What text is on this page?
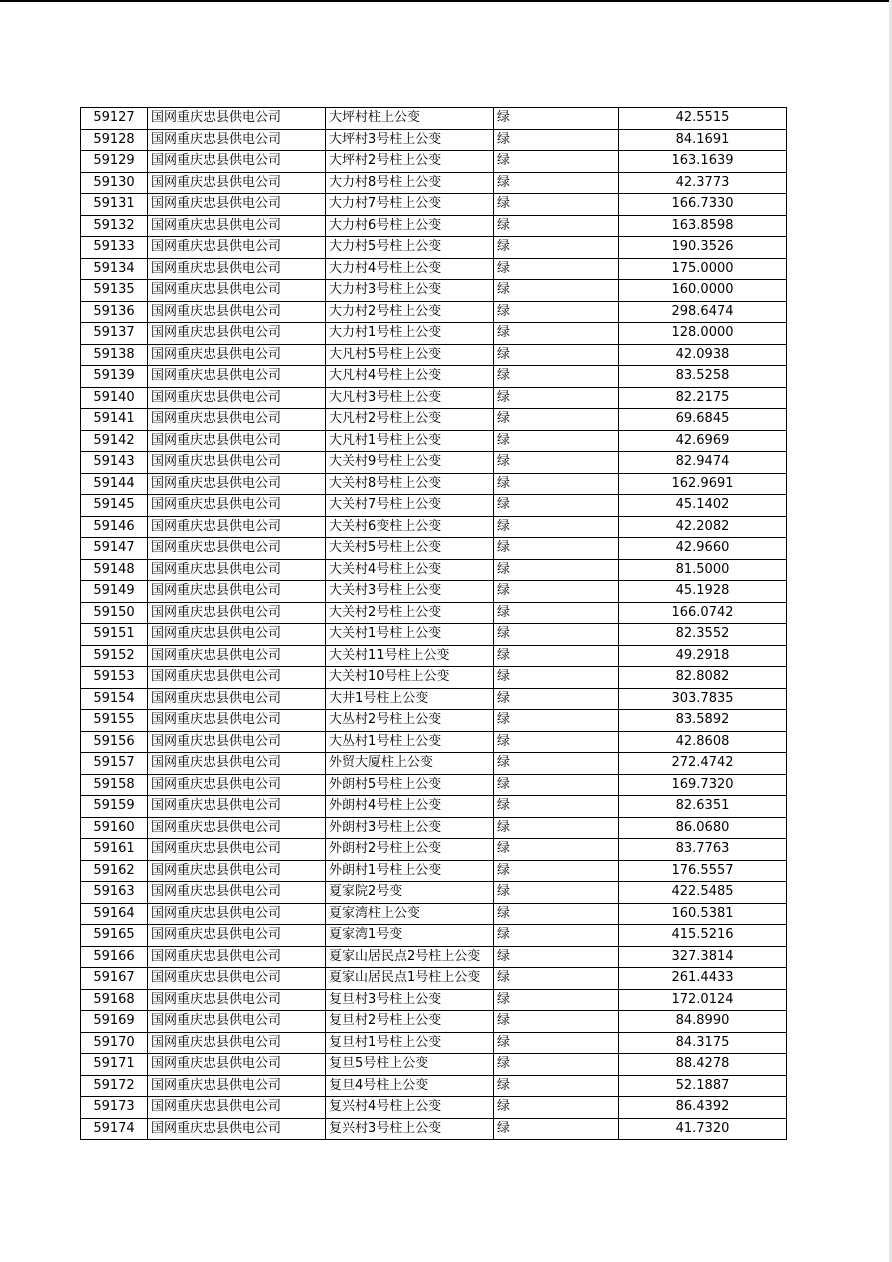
59127	国网重庆忠县供电公司	大坪村柱上公变	绿	42.5515
59128	国网重庆忠县供电公司	大坪村3号柱上公变	绿	84.1691
59129	国网重庆忠县供电公司	大坪村2号柱上公变	绿	163.1639
59130	国网重庆忠县供电公司	大力村8号柱上公变	绿	42.3773
59131	国网重庆忠县供电公司	大力村7号柱上公变	绿	166.7330
59132	国网重庆忠县供电公司	大力村6号柱上公变	绿	163.8598
59133	国网重庆忠县供电公司	大力村5号柱上公变	绿	190.3526
59134	国网重庆忠县供电公司	大力村4号柱上公变	绿	175.0000
59135	国网重庆忠县供电公司	大力村3号柱上公变	绿	160.0000
59136	国网重庆忠县供电公司	大力村2号柱上公变	绿	298.6474
59137	国网重庆忠县供电公司	大力村1号柱上公变	绿	128.0000
59138	国网重庆忠县供电公司	大凡村5号柱上公变	绿	42.0938
59139	国网重庆忠县供电公司	大凡村4号柱上公变	绿	83.5258
59140	国网重庆忠县供电公司	大凡村3号柱上公变	绿	82.2175
59141	国网重庆忠县供电公司	大凡村2号柱上公变	绿	69.6845
59142	国网重庆忠县供电公司	大凡村1号柱上公变	绿	42.6969
59143	国网重庆忠县供电公司	大关村9号柱上公变	绿	82.9474
59144	国网重庆忠县供电公司	大关村8号柱上公变	绿	162.9691
59145	国网重庆忠县供电公司	大关村7号柱上公变	绿	45.1402
59146	国网重庆忠县供电公司	大关村6变柱上公变	绿	42.2082
59147	国网重庆忠县供电公司	大关村5号柱上公变	绿	42.9660
59148	国网重庆忠县供电公司	大关村4号柱上公变	绿	81.5000
59149	国网重庆忠县供电公司	大关村3号柱上公变	绿	45.1928
59150	国网重庆忠县供电公司	大关村2号柱上公变	绿	166.0742
59151	国网重庆忠县供电公司	大关村1号柱上公变	绿	82.3552
59152	国网重庆忠县供电公司	大关村11号柱上公变	绿	49.2918
59153	国网重庆忠县供电公司	大关村10号柱上公变	绿	82.8082
59154	国网重庆忠县供电公司	大井1号柱上公变	绿	303.7835
59155	国网重庆忠县供电公司	大丛村2号柱上公变	绿	83.5892
59156	国网重庆忠县供电公司	大丛村1号柱上公变	绿	42.8608
59157	国网重庆忠县供电公司	外贸大厦柱上公变	绿	272.4742
59158	国网重庆忠县供电公司	外朗村5号柱上公变	绿	169.7320
59159	国网重庆忠县供电公司	外朗村4号柱上公变	绿	82.6351
59160	国网重庆忠县供电公司	外朗村3号柱上公变	绿	86.0680
59161	国网重庆忠县供电公司	外朗村2号柱上公变	绿	83.7763
59162	国网重庆忠县供电公司	外朗村1号柱上公变	绿	176.5557
59163	国网重庆忠县供电公司	夏家院2号变	绿	422.5485
59164	国网重庆忠县供电公司	夏家湾柱上公变	绿	160.5381
59165	国网重庆忠县供电公司	夏家湾1号变	绿	415.5216
59166	国网重庆忠县供电公司	夏家山居民点2号柱上公变	绿	327.3814
59167	国网重庆忠县供电公司	夏家山居民点1号柱上公变	绿	261.4433
59168	国网重庆忠县供电公司	复旦村3号柱上公变	绿	172.0124
59169	国网重庆忠县供电公司	复旦村2号柱上公变	绿	84.8990
59170	国网重庆忠县供电公司	复旦村1号柱上公变	绿	84.3175
59171	国网重庆忠县供电公司	复旦5号柱上公变	绿	88.4278
59172	国网重庆忠县供电公司	复旦4号柱上公变	绿	52.1887
59173	国网重庆忠县供电公司	复兴村4号柱上公变	绿	86.4392
59174	国网重庆忠县供电公司	复兴村3号柱上公变	绿	41.7320
